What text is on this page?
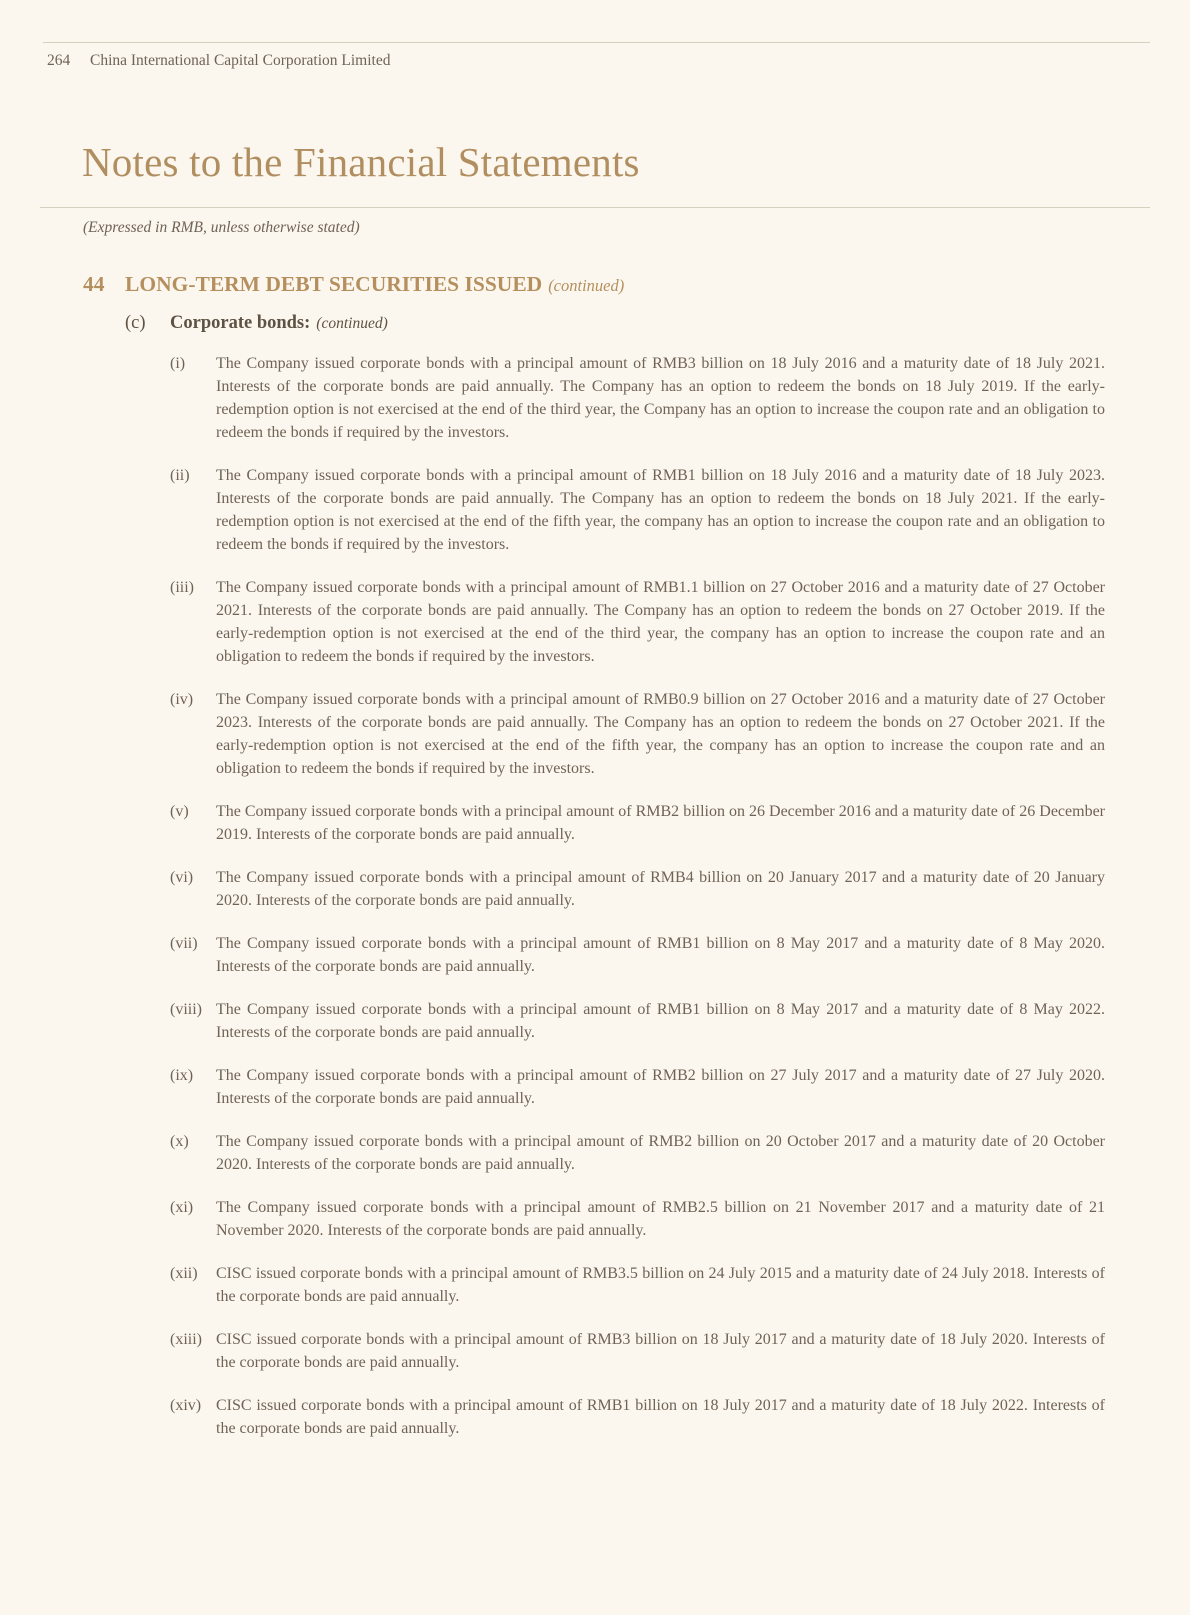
264	China International Capital Corporation Limited
Notes to the Financial Statements
(Expressed in RMB, unless otherwise stated)
44 LONG-TERM DEBT SECURITIES ISSUED (continued)
(c) Corporate bonds: (continued)
(i)	The Company issued corporate bonds with a principal amount of RMB3 billion on 18 July 2016 and a maturity date of 18 July 2021. Interests of the corporate bonds are paid annually. The Company has an option to redeem the bonds on 18 July 2019. If the early-redemption option is not exercised at the end of the third year, the Company has an option to increase the coupon rate and an obligation to redeem the bonds if required by the investors.
(ii)	The Company issued corporate bonds with a principal amount of RMB1 billion on 18 July 2016 and a maturity date of 18 July 2023. Interests of the corporate bonds are paid annually. The Company has an option to redeem the bonds on 18 July 2021. If the early-redemption option is not exercised at the end of the fifth year, the company has an option to increase the coupon rate and an obligation to redeem the bonds if required by the investors.
(iii)	The Company issued corporate bonds with a principal amount of RMB1.1 billion on 27 October 2016 and a maturity date of 27 October 2021. Interests of the corporate bonds are paid annually. The Company has an option to redeem the bonds on 27 October 2019. If the early-redemption option is not exercised at the end of the third year, the company has an option to increase the coupon rate and an obligation to redeem the bonds if required by the investors.
(iv)	The Company issued corporate bonds with a principal amount of RMB0.9 billion on 27 October 2016 and a maturity date of 27 October 2023. Interests of the corporate bonds are paid annually. The Company has an option to redeem the bonds on 27 October 2021. If the early-redemption option is not exercised at the end of the fifth year, the company has an option to increase the coupon rate and an obligation to redeem the bonds if required by the investors.
(v)	The Company issued corporate bonds with a principal amount of RMB2 billion on 26 December 2016 and a maturity date of 26 December 2019. Interests of the corporate bonds are paid annually.
(vi)	The Company issued corporate bonds with a principal amount of RMB4 billion on 20 January 2017 and a maturity date of 20 January 2020. Interests of the corporate bonds are paid annually.
(vii)	The Company issued corporate bonds with a principal amount of RMB1 billion on 8 May 2017 and a maturity date of 8 May 2020. Interests of the corporate bonds are paid annually.
(viii) The Company issued corporate bonds with a principal amount of RMB1 billion on 8 May 2017 and a maturity date of 8 May 2022. Interests of the corporate bonds are paid annually.
(ix)	The Company issued corporate bonds with a principal amount of RMB2 billion on 27 July 2017 and a maturity date of 27 July 2020. Interests of the corporate bonds are paid annually.
(x)	The Company issued corporate bonds with a principal amount of RMB2 billion on 20 October 2017 and a maturity date of 20 October 2020. Interests of the corporate bonds are paid annually.
(xi)	The Company issued corporate bonds with a principal amount of RMB2.5 billion on 21 November 2017 and a maturity date of 21 November 2020. Interests of the corporate bonds are paid annually.
(xii)	CISC issued corporate bonds with a principal amount of RMB3.5 billion on 24 July 2015 and a maturity date of 24 July 2018. Interests of the corporate bonds are paid annually.
(xiii) CISC issued corporate bonds with a principal amount of RMB3 billion on 18 July 2017 and a maturity date of 18 July 2020. Interests of the corporate bonds are paid annually.
(xiv) CISC issued corporate bonds with a principal amount of RMB1 billion on 18 July 2017 and a maturity date of 18 July 2022. Interests of the corporate bonds are paid annually.
